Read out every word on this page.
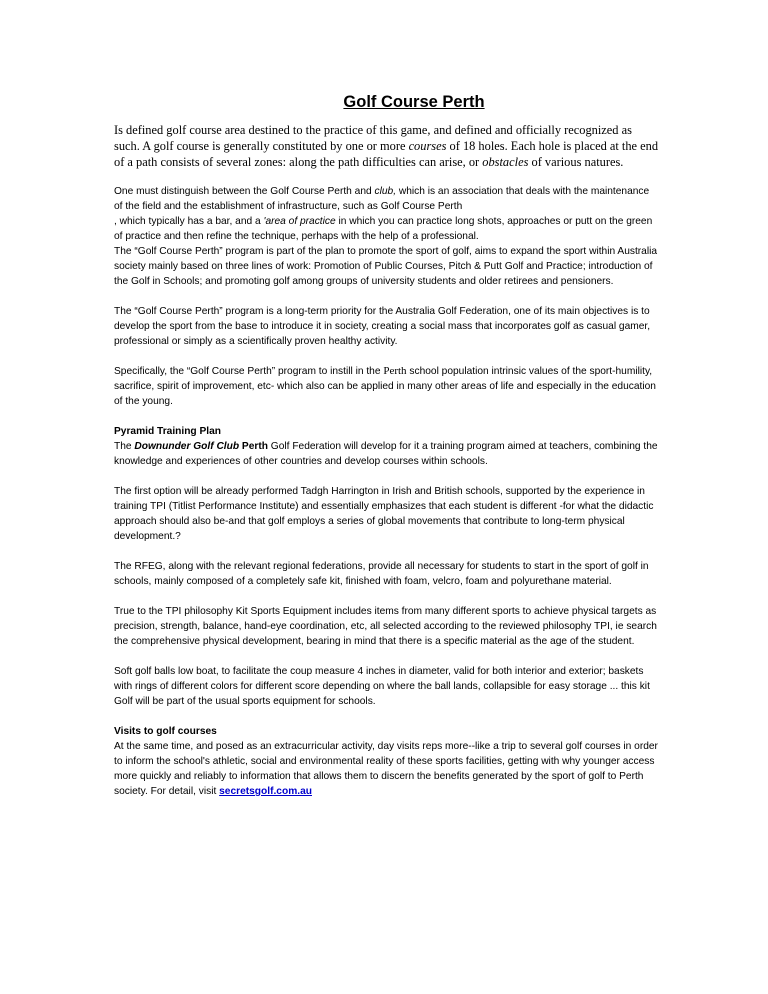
Golf Course Perth

Is defined golf course area destined to the practice of this game, and defined and officially recognized as such. A golf course is generally constituted by one or more courses of 18 holes. Each hole is placed at the end of a path consists of several zones: along the path difficulties can arise, or obstacles of various natures.

One must distinguish between the Golf Course Perth and club, which is an association that deals with the maintenance of the field and the establishment of infrastructure, such as Golf Course Perth
, which typically has a bar, and a 'area of practice in which you can practice long shots, approaches or putt on the green of practice and then refine the technique, perhaps with the help of a professional.
The “Golf Course Perth” program is part of the plan to promote the sport of golf, aims to expand the sport within Australia society mainly based on three lines of work: Promotion of Public Courses, Pitch & Putt Golf and Practice; introduction of the Golf in Schools; and promoting golf among groups of university students and older retirees and pensioners.

The “Golf Course Perth” program is a long-term priority for the Australia Golf Federation, one of its main objectives is to develop the sport from the base to introduce it in society, creating a social mass that incorporates golf as casual gamer, professional or simply as a scientifically proven healthy activity.

Specifically, the “Golf Course Perth” program to instill in the Perth school population intrinsic values of the sport-humility, sacrifice, spirit of improvement, etc- which also can be applied in many other areas of life and especially in the education of the young.

Pyramid Training Plan
The Downunder Golf Club Perth Golf Federation will develop for it a training program aimed at teachers, combining the knowledge and experiences of other countries and develop courses within schools.

The first option will be already performed Tadgh Harrington in Irish and British schools, supported by the experience in training TPI (Titlist Performance Institute) and essentially emphasizes that each student is different -for what the didactic approach should also be-and that golf employs a series of global movements that contribute to long-term physical development.?

The RFEG, along with the relevant regional federations, provide all necessary for students to start in the sport of golf in schools, mainly composed of a completely safe kit, finished with foam, velcro, foam and polyurethane material.

True to the TPI philosophy Kit Sports Equipment includes items from many different sports to achieve physical targets as precision, strength, balance, hand-eye coordination, etc, all selected according to the reviewed philosophy TPI, ie search the comprehensive physical development, bearing in mind that there is a specific material as the age of the student.

Soft golf balls low boat, to facilitate the coup measure 4 inches in diameter, valid for both interior and exterior; baskets with rings of different colors for different score depending on where the ball lands, collapsible for easy storage ... this kit Golf will be part of the usual sports equipment for schools.

Visits to golf courses
At the same time, and posed as an extracurricular activity, day visits reps more--like a trip to several golf courses in order to inform the school's athletic, social and environmental reality of these sports facilities, getting with why younger access more quickly and reliably to information that allows them to discern the benefits generated by the sport of golf to Perth society. For detail, visit secretsgolf.com.au
